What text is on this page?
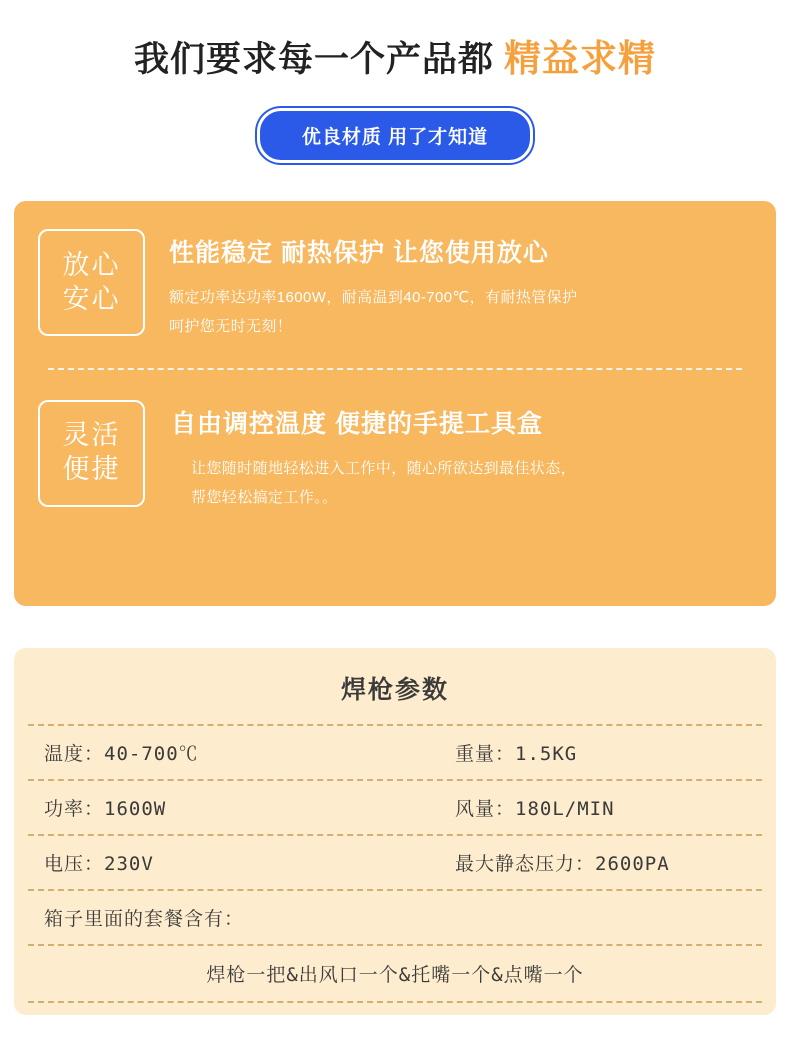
我们要求每一个产品都 精益求精
优良材质 用了才知道
放心
安心
性能稳定 耐热保护 让您使用放心
额定功率达功率1600W，耐高温到40-700℃，有耐热管保护
呵护您无时无刻！
灵活
便捷
自由调控温度 便捷的手提工具盒
让您随时随地轻松进入工作中，随心所欲达到最佳状态，
帮您轻松搞定工作。。
焊枪参数
温度：40-700℃	重量：1.5KG
功率：1600W	风量：180L/MIN
电压：230V	最大静态压力：2600PA
箱子里面的套餐含有：
焊枪一把&出风口一个&托嘴一个&点嘴一个
